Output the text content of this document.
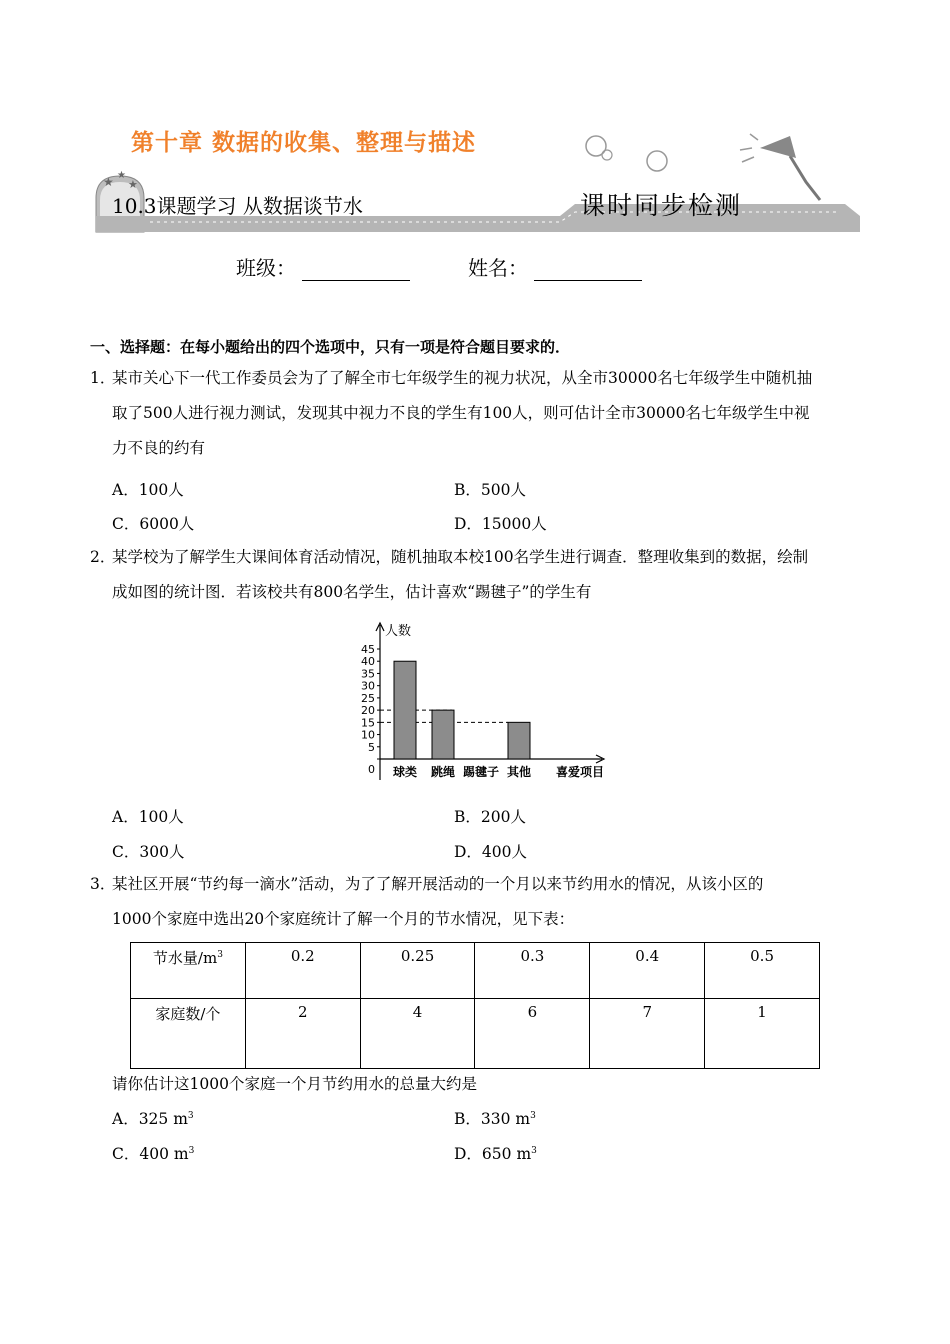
★ ★
★
第十章 数据的收集、整理与描述
10.3课题学习 从数据谈节水	课时同步检测
班级：	姓名：
一、选择题：在每小题给出的四个选项中，只有一项是符合题目要求的．
1．
某市关心下一代工作委员会为了了解全市七年级学生的视力状况，从全市30000名七年级学生中随机抽
取了500人进行视力测试，发现其中视力不良的学生有100人，则可估计全市30000名七年级学生中视
力不良的约有
A．100人	B．500人
C．6000人	D．15000人
2．
某学校为了解学生大课间体育活动情况，随机抽取本校100名学生进行调查．整理收集到的数据，绘制
成如图的统计图．若该校共有800名学生，估计喜欢“踢毽子”的学生有
人数
喜爱项目
0
5
10
15
20
25
30
35
40
45
球类 跳绳 踢毽子 其他
A．100人	B．200人
C．300人	D．400人
3．
某社区开展“节约每一滴水”活动，为了了解开展活动的一个月以来节约用水的情况，从该小区的
1000个家庭中选出20个家庭统计了解一个月的节水情况，见下表：
节水量$/m^3$	0.2	0.25	0.3	0.4	0.5
家庭数/个	2	4	6	7	1
请你估计这1000个家庭一个月节约用水的总量大约是
A．325 $m^3$	B．330 $m^3$
C．400 $m^3$	D．650 $m^3$
